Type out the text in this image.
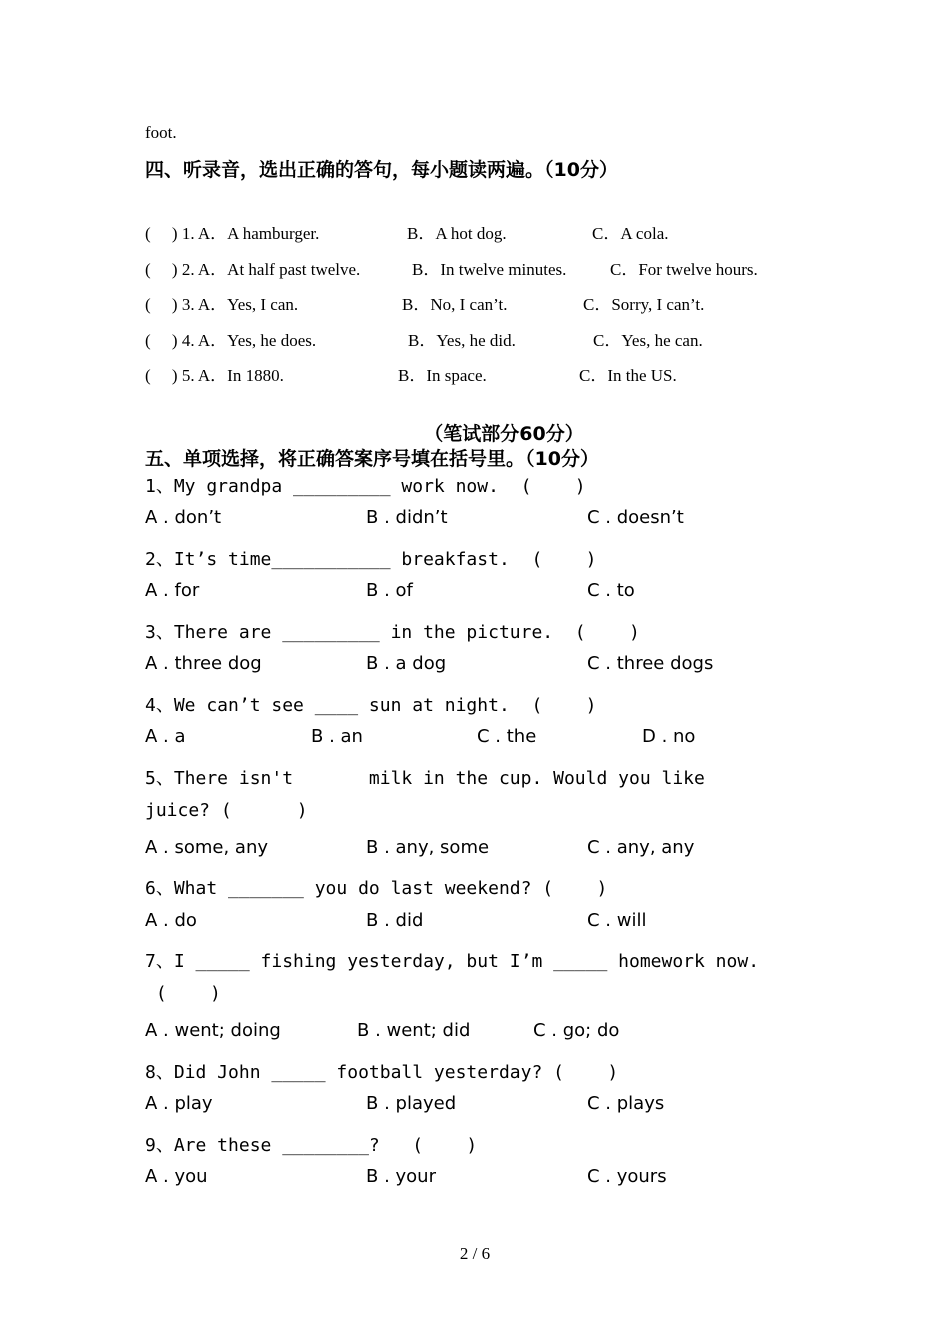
foot.
四、听录音，选出正确的答句，每小题读两遍。（10分）
(     ) 1. A．A hamburger.	B．A hot dog.	C．A cola.
(     ) 2. A．At half past twelve.	B．In twelve minutes.	C．For twelve hours.
(     ) 3. A．Yes, I can.	B．No, I can’t.	C．Sorry, I can’t.
(     ) 4. A．Yes, he does.	B．Yes, he did.	C．Yes, he can.
(     ) 5. A．In 1880.	B．In space.	C．In the US.
（笔试部分60分）
五、单项选择，将正确答案序号填在括号里。（10分）
1、My grandpa _________ work now.  (    )
A . don’t	B . didn’t	C . doesn’t
2、It’s time___________ breakfast.  (    )
A . for	B . of	C . to
3、There are _________ in the picture.  (    )
A . three dog	B . a dog	C . three dogs
4、We can’t see ____ sun at night.  (    )
A . a	B . an	C . the	D . no
5、There isn't       milk in the cup. Would you like
juice? (      )
A . some, any	B . any, some	C . any, any
6、What _______ you do last weekend? (    )
A . do	B . did	C . will
7、I _____ fishing yesterday, but I’m _____ homework now.
(    )
A . went; doing	B . went; did	C . go; do
8、Did John _____ football yesterday? (    )
A . play	B . played	C . plays
9、Are these ________?   (    )
A . you	B . your	C . yours
2 / 6
